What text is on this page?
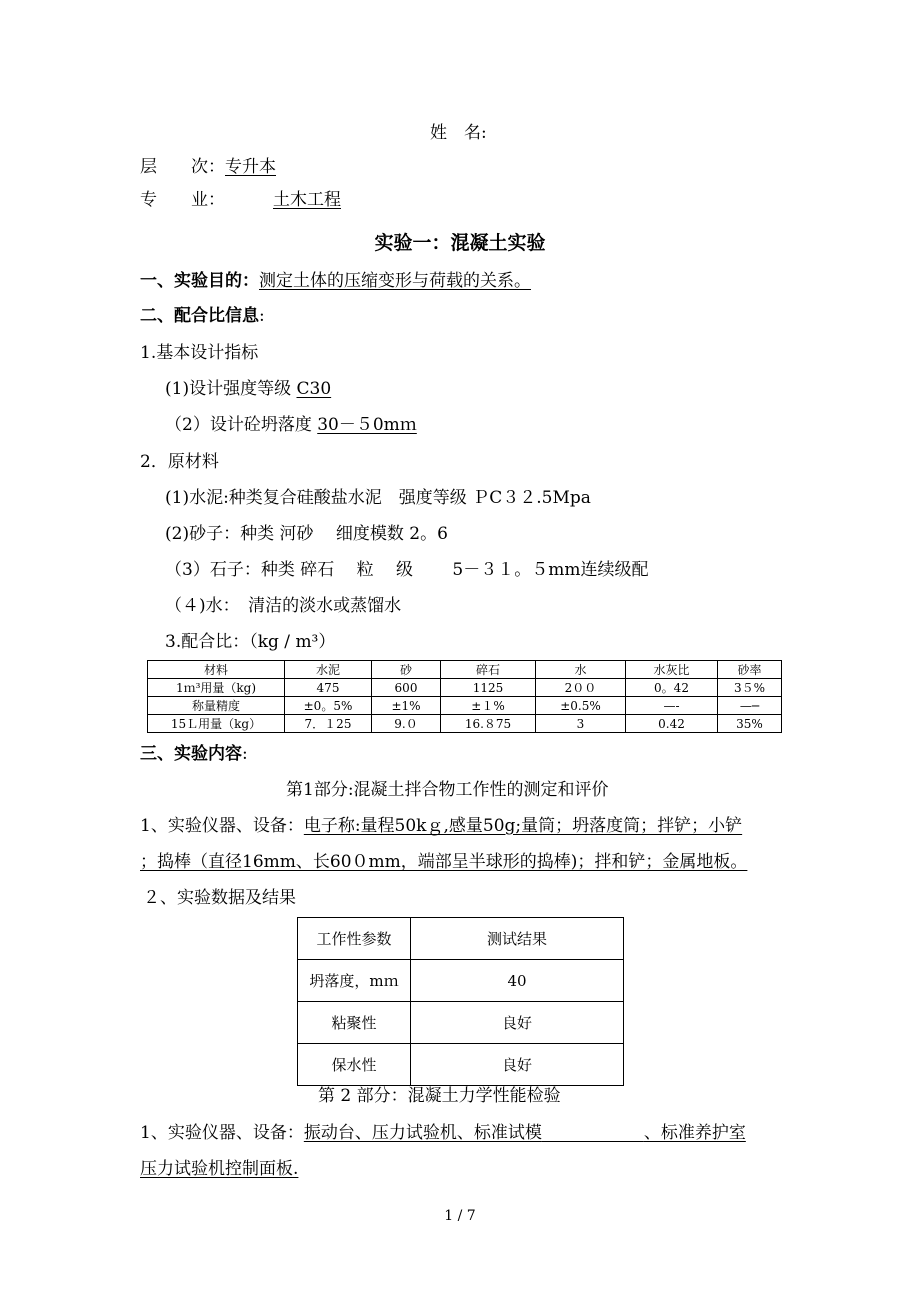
姓　名:
层　　次：专升本
专　　业：	土木工程
实验一：混凝土实验
一、实验目的：测定土体的压缩变形与荷载的关系。
二、配合比信息:
1.基本设计指标
(1)设计强度等级 C30
（2）设计砼坍落度 30－５0mｍ
2．原材料
(1)水泥:种类复合硅酸盐水泥　强度等级 ＰC３２.5Mpa
(2)砂子：种类 河砂　 细度模数 2。6
（3）石子：种类 碎石　 粒　 级　　 5－３１。５mm连续级配
（４)水：　清洁的淡水或蒸馏水
3.配合比：（kg / m³）
材料	水泥	砂	碎石	水	水灰比	砂率
1ｍ³用量（kg)	475	600	1125	2００	0。42	3５%
称量精度	±0。5%	±1%	±１%	±0.5%	—-	—─
15Ｌ用量（kg）	7．１25	9.０	16.８75	3	0.42	35%
三、实验内容:
第1部分:混凝土拌合物工作性的测定和评价
1、实验仪器、设备：电子称:量程50kｇ,感量50g;量筒；坍落度筒；拌铲；小铲
；捣棒（直径16mm、长60０mm，端部呈半球形的捣棒)；拌和铲；金属地板。
２、实验数据及结果
工作性参数	测试结果
坍落度，mｍ	40
粘聚性	良好
保水性	良好
第 2 部分：混凝土力学性能检验
1、实验仪器、设备：振动台、压力试验机、标准试模　　　　　　	、标准养护室
压力试验机控制面板.
1 / 7
